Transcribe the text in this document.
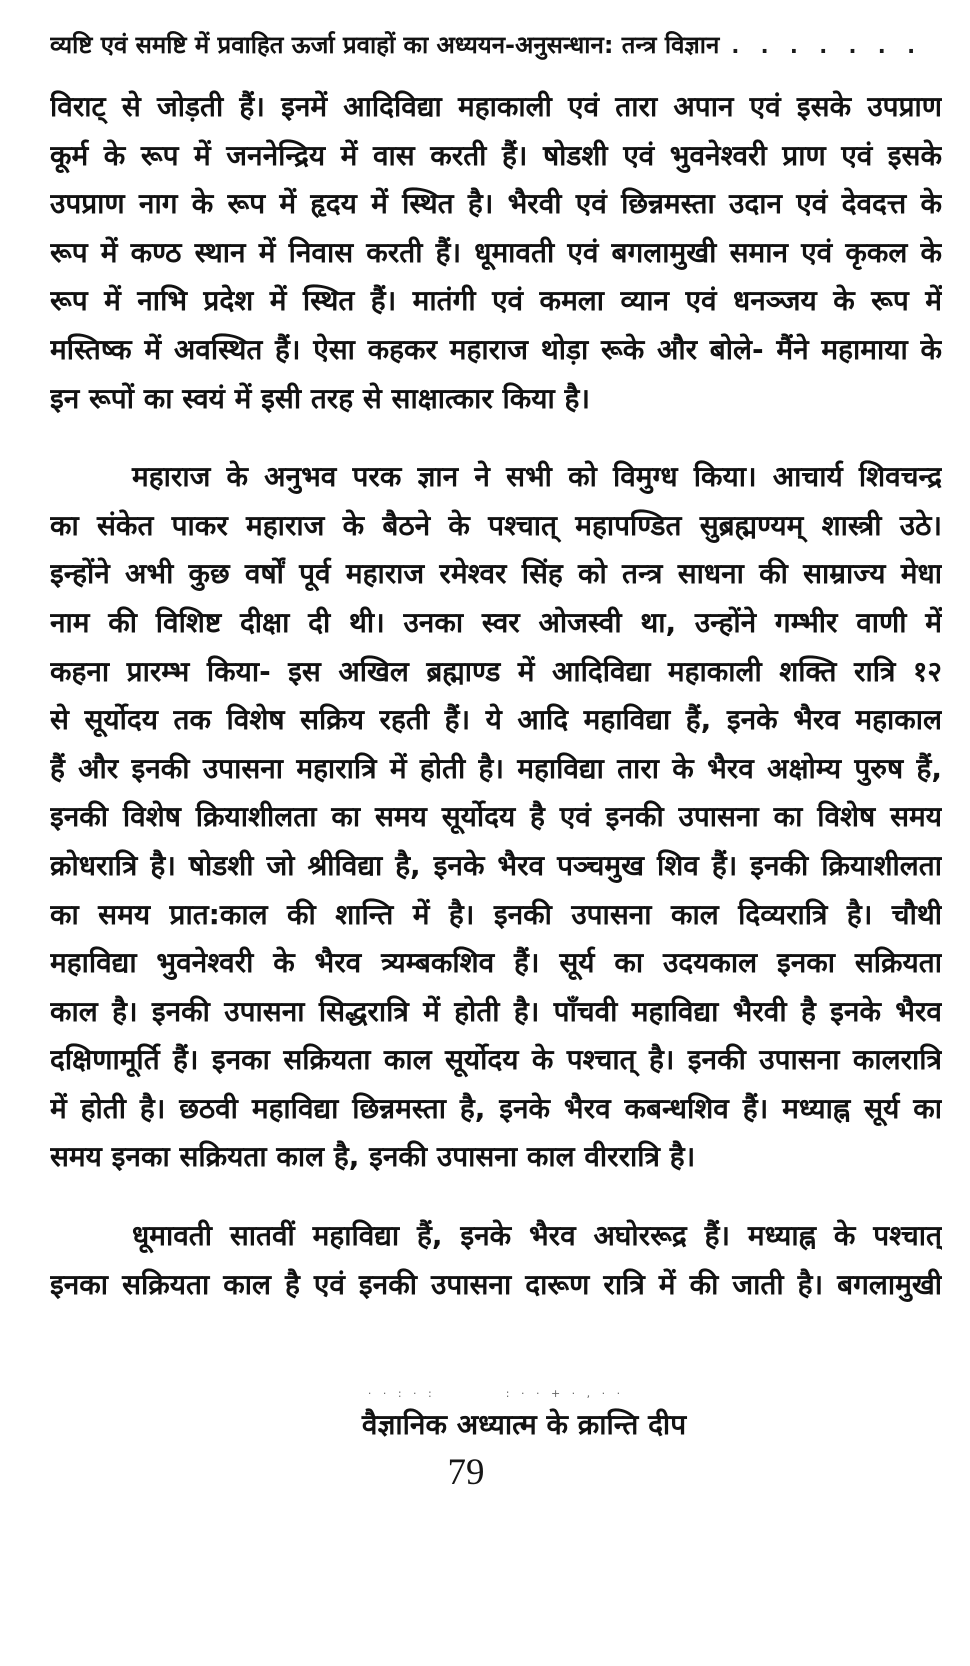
व्यष्टि एवं समष्टि में प्रवाहित ऊर्जा प्रवाहों का अध्ययन-अनुसन्धान: तन्त्र विज्ञान . . . . . . .
विराट् से जोड़ती हैं। इनमें आदिविद्या महाकाली एवं तारा अपान एवं इसके उपप्राण
कूर्म के रूप में जननेन्द्रिय में वास करती हैं। षोडशी एवं भुवनेश्वरी प्राण एवं इसके
उपप्राण नाग के रूप में हृदय में स्थित है। भैरवी एवं छिन्नमस्ता उदान एवं देवदत्त के
रूप में कण्ठ स्थान में निवास करती हैं। धूमावती एवं बगलामुखी समान एवं कृकल के
रूप में नाभि प्रदेश में स्थित हैं। मातंगी एवं कमला व्यान एवं धनञ्जय के रूप में
मस्तिष्क में अवस्थित हैं। ऐसा कहकर महाराज थोड़ा रूके और बोले- मैंने महामाया के
इन रूपों का स्वयं में इसी तरह से साक्षात्कार किया है।
महाराज के अनुभव परक ज्ञान ने सभी को विमुग्ध किया। आचार्य शिवचन्द्र
का संकेत पाकर महाराज के बैठने के पश्चात् महापण्डित सुब्रह्मण्यम् शास्त्री उठे।
इन्होंने अभी कुछ वर्षों पूर्व महाराज रमेश्वर सिंह को तन्त्र साधना की साम्राज्य मेधा
नाम की विशिष्ट दीक्षा दी थी। उनका स्वर ओजस्वी था, उन्होंने गम्भीर वाणी में
कहना प्रारम्भ किया- इस अखिल ब्रह्माण्ड में आदिविद्या महाकाली शक्ति रात्रि १२
से सूर्योदय तक विशेष सक्रिय रहती हैं। ये आदि महाविद्या हैं, इनके भैरव महाकाल
हैं और इनकी उपासना महारात्रि में होती है। महाविद्या तारा के भैरव अक्षोम्य पुरुष हैं,
इनकी विशेष क्रियाशीलता का समय सूर्योदय है एवं इनकी उपासना का विशेष समय
क्रोधरात्रि है। षोडशी जो श्रीविद्या है, इनके भैरव पञ्चमुख शिव हैं। इनकी क्रियाशीलता
का समय प्रात:काल की शान्ति में है। इनकी उपासना काल दिव्यरात्रि है। चौथी
महाविद्या भुवनेश्वरी के भैरव त्र्यम्बकशिव हैं। सूर्य का उदयकाल इनका सक्रियता
काल है। इनकी उपासना सिद्धरात्रि में होती है। पाँचवी महाविद्या भैरवी है इनके भैरव
दक्षिणामूर्ति हैं। इनका सक्रियता काल सूर्योदय के पश्चात् है। इनकी उपासना कालरात्रि
में होती है। छठवी महाविद्या छिन्नमस्ता है, इनके भैरव कबन्धशिव हैं। मध्याह्न सूर्य का
समय इनका सक्रियता काल है, इनकी उपासना काल वीररात्रि है।
धूमावती सातवीं महाविद्या हैं, इनके भैरव अघोररूद्र हैं। मध्याह्न के पश्चात्
इनका सक्रियता काल है एवं इनकी उपासना दारूण रात्रि में की जाती है। बगलामुखी
· · : · :	: · · + · , · ·
वैज्ञानिक अध्यात्म के क्रान्ति दीप
79
